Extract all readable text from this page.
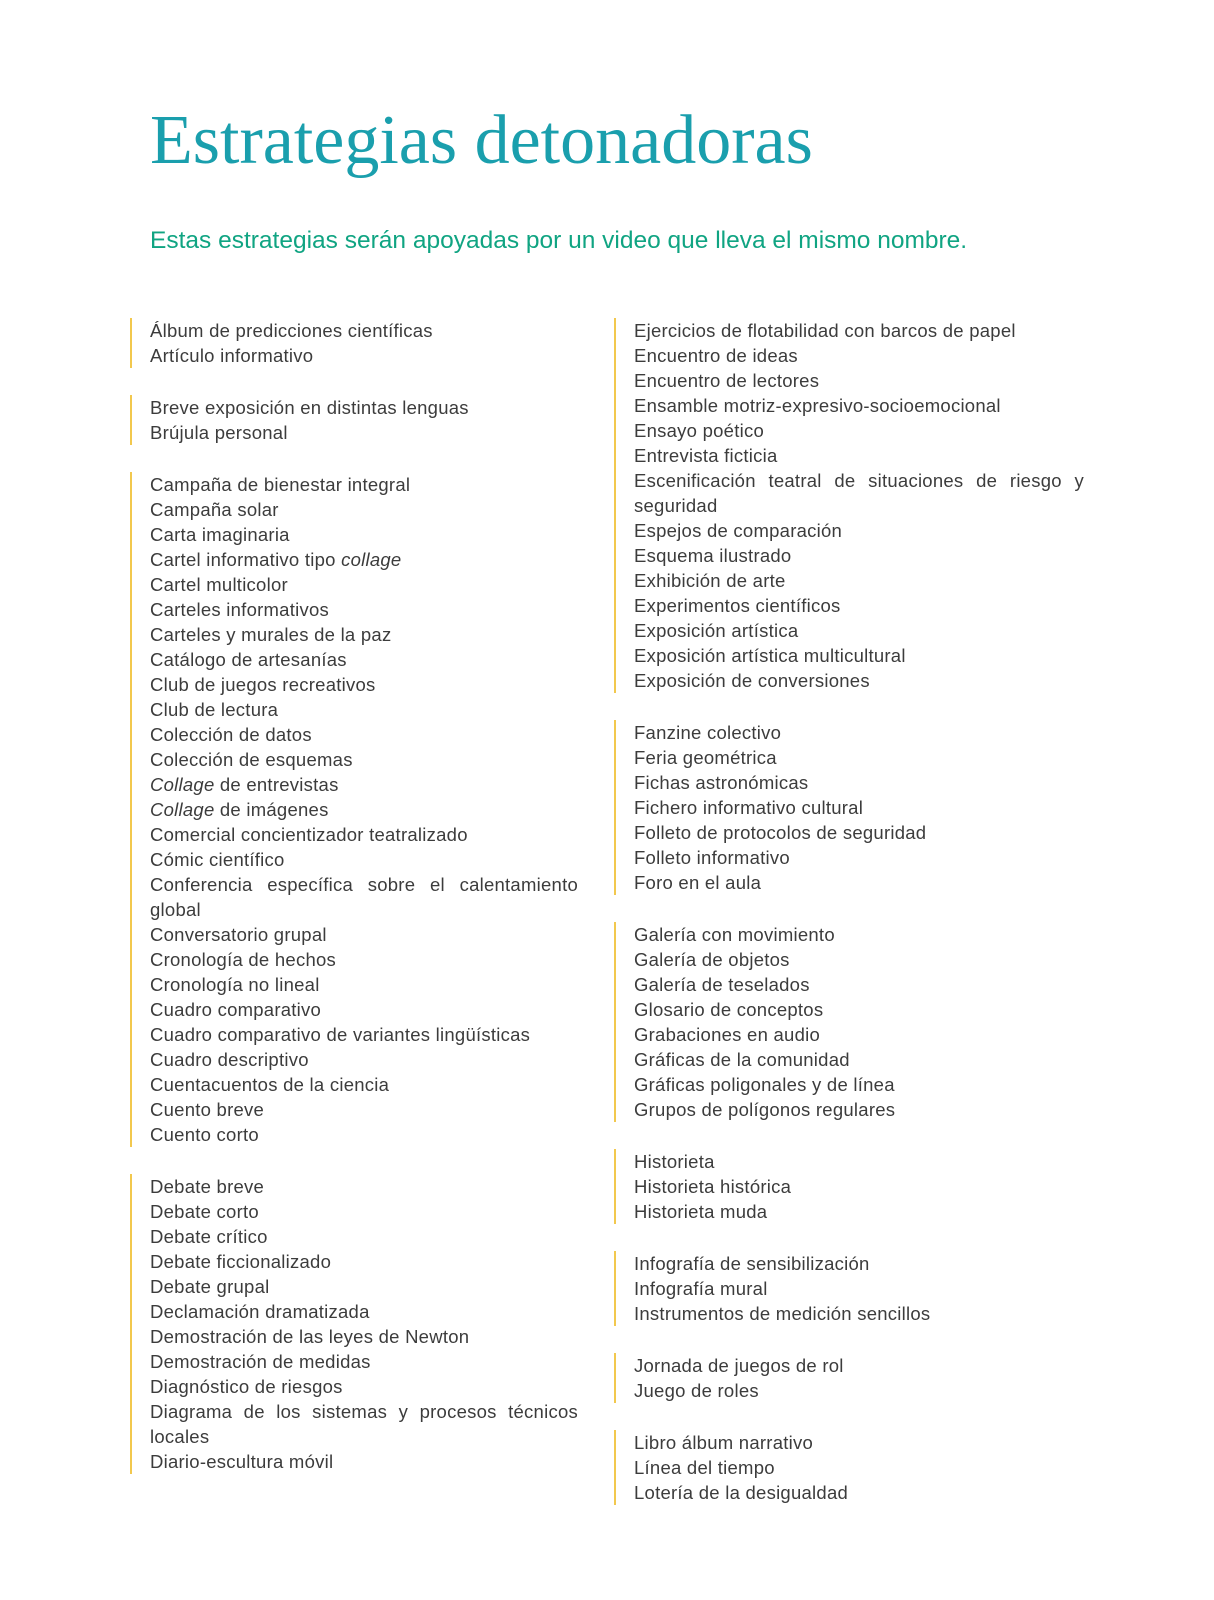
Estrategias detonadoras

Estas estrategias serán apoyadas por un video que lleva el mismo nombre.

Álbum de predicciones científicas
Artículo informativo
Breve exposición en distintas lenguas
Brújula personal
Campaña de bienestar integral
Campaña solar
Carta imaginaria
Cartel informativo tipo collage
Cartel multicolor
Carteles informativos
Carteles y murales de la paz
Catálogo de artesanías
Club de juegos recreativos
Club de lectura
Colección de datos
Colección de esquemas
Collage de entrevistas
Collage de imágenes
Comercial concientizador teatralizado
Cómic científico
Conferencia específica sobre el calentamiento global
Conversatorio grupal
Cronología de hechos
Cronología no lineal
Cuadro comparativo
Cuadro comparativo de variantes lingüísticas
Cuadro descriptivo
Cuentacuentos de la ciencia
Cuento breve
Cuento corto
Debate breve
Debate corto
Debate crítico
Debate ficcionalizado
Debate grupal
Declamación dramatizada
Demostración de las leyes de Newton
Demostración de medidas
Diagnóstico de riesgos
Diagrama de los sistemas y procesos técnicos locales
Diario-escultura móvil
Ejercicios de flotabilidad con barcos de papel
Encuentro de ideas
Encuentro de lectores
Ensamble motriz-expresivo-socioemocional
Ensayo poético
Entrevista ficticia
Escenificación teatral de situaciones de riesgo y seguridad
Espejos de comparación
Esquema ilustrado
Exhibición de arte
Experimentos científicos
Exposición artística
Exposición artística multicultural
Exposición de conversiones
Fanzine colectivo
Feria geométrica
Fichas astronómicas
Fichero informativo cultural
Folleto de protocolos de seguridad
Folleto informativo
Foro en el aula
Galería con movimiento
Galería de objetos
Galería de teselados
Glosario de conceptos
Grabaciones en audio
Gráficas de la comunidad
Gráficas poligonales y de línea
Grupos de polígonos regulares
Historieta
Historieta histórica
Historieta muda
Infografía de sensibilización
Infografía mural
Instrumentos de medición sencillos
Jornada de juegos de rol
Juego de roles
Libro álbum narrativo
Línea del tiempo
Lotería de la desigualdad
